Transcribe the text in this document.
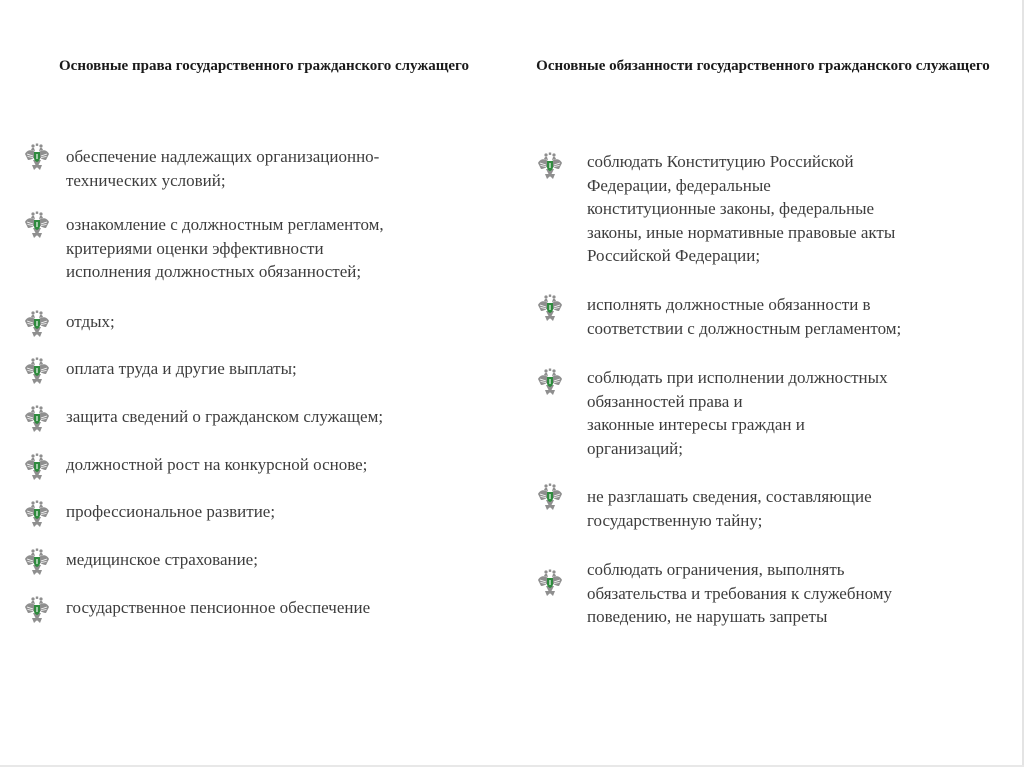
Основные права государственного гражданского служащего	Основные обязанности государственного гражданского служащего
обеспечение надлежащих организационно-
технических условий;
ознакомление с должностным регламентом,
критериями оценки эффективности
исполнения должностных обязанностей;
отдых;
оплата труда и другие выплаты;
защита сведений о гражданском служащем;
должностной рост на конкурсной основе;
профессиональное развитие;
медицинское страхование;
государственное пенсионное обеспечение
соблюдать Конституцию Российской
Федерации, федеральные
конституционные законы, федеральные
законы, иные нормативные правовые акты
Российской Федерации;
исполнять должностные обязанности в
соответствии с должностным регламентом;
соблюдать при исполнении должностных
обязанностей права и
законные интересы граждан и
организаций;
не разглашать сведения, составляющие
государственную тайну;
соблюдать ограничения, выполнять
обязательства и требования к служебному
поведению, не нарушать запреты
